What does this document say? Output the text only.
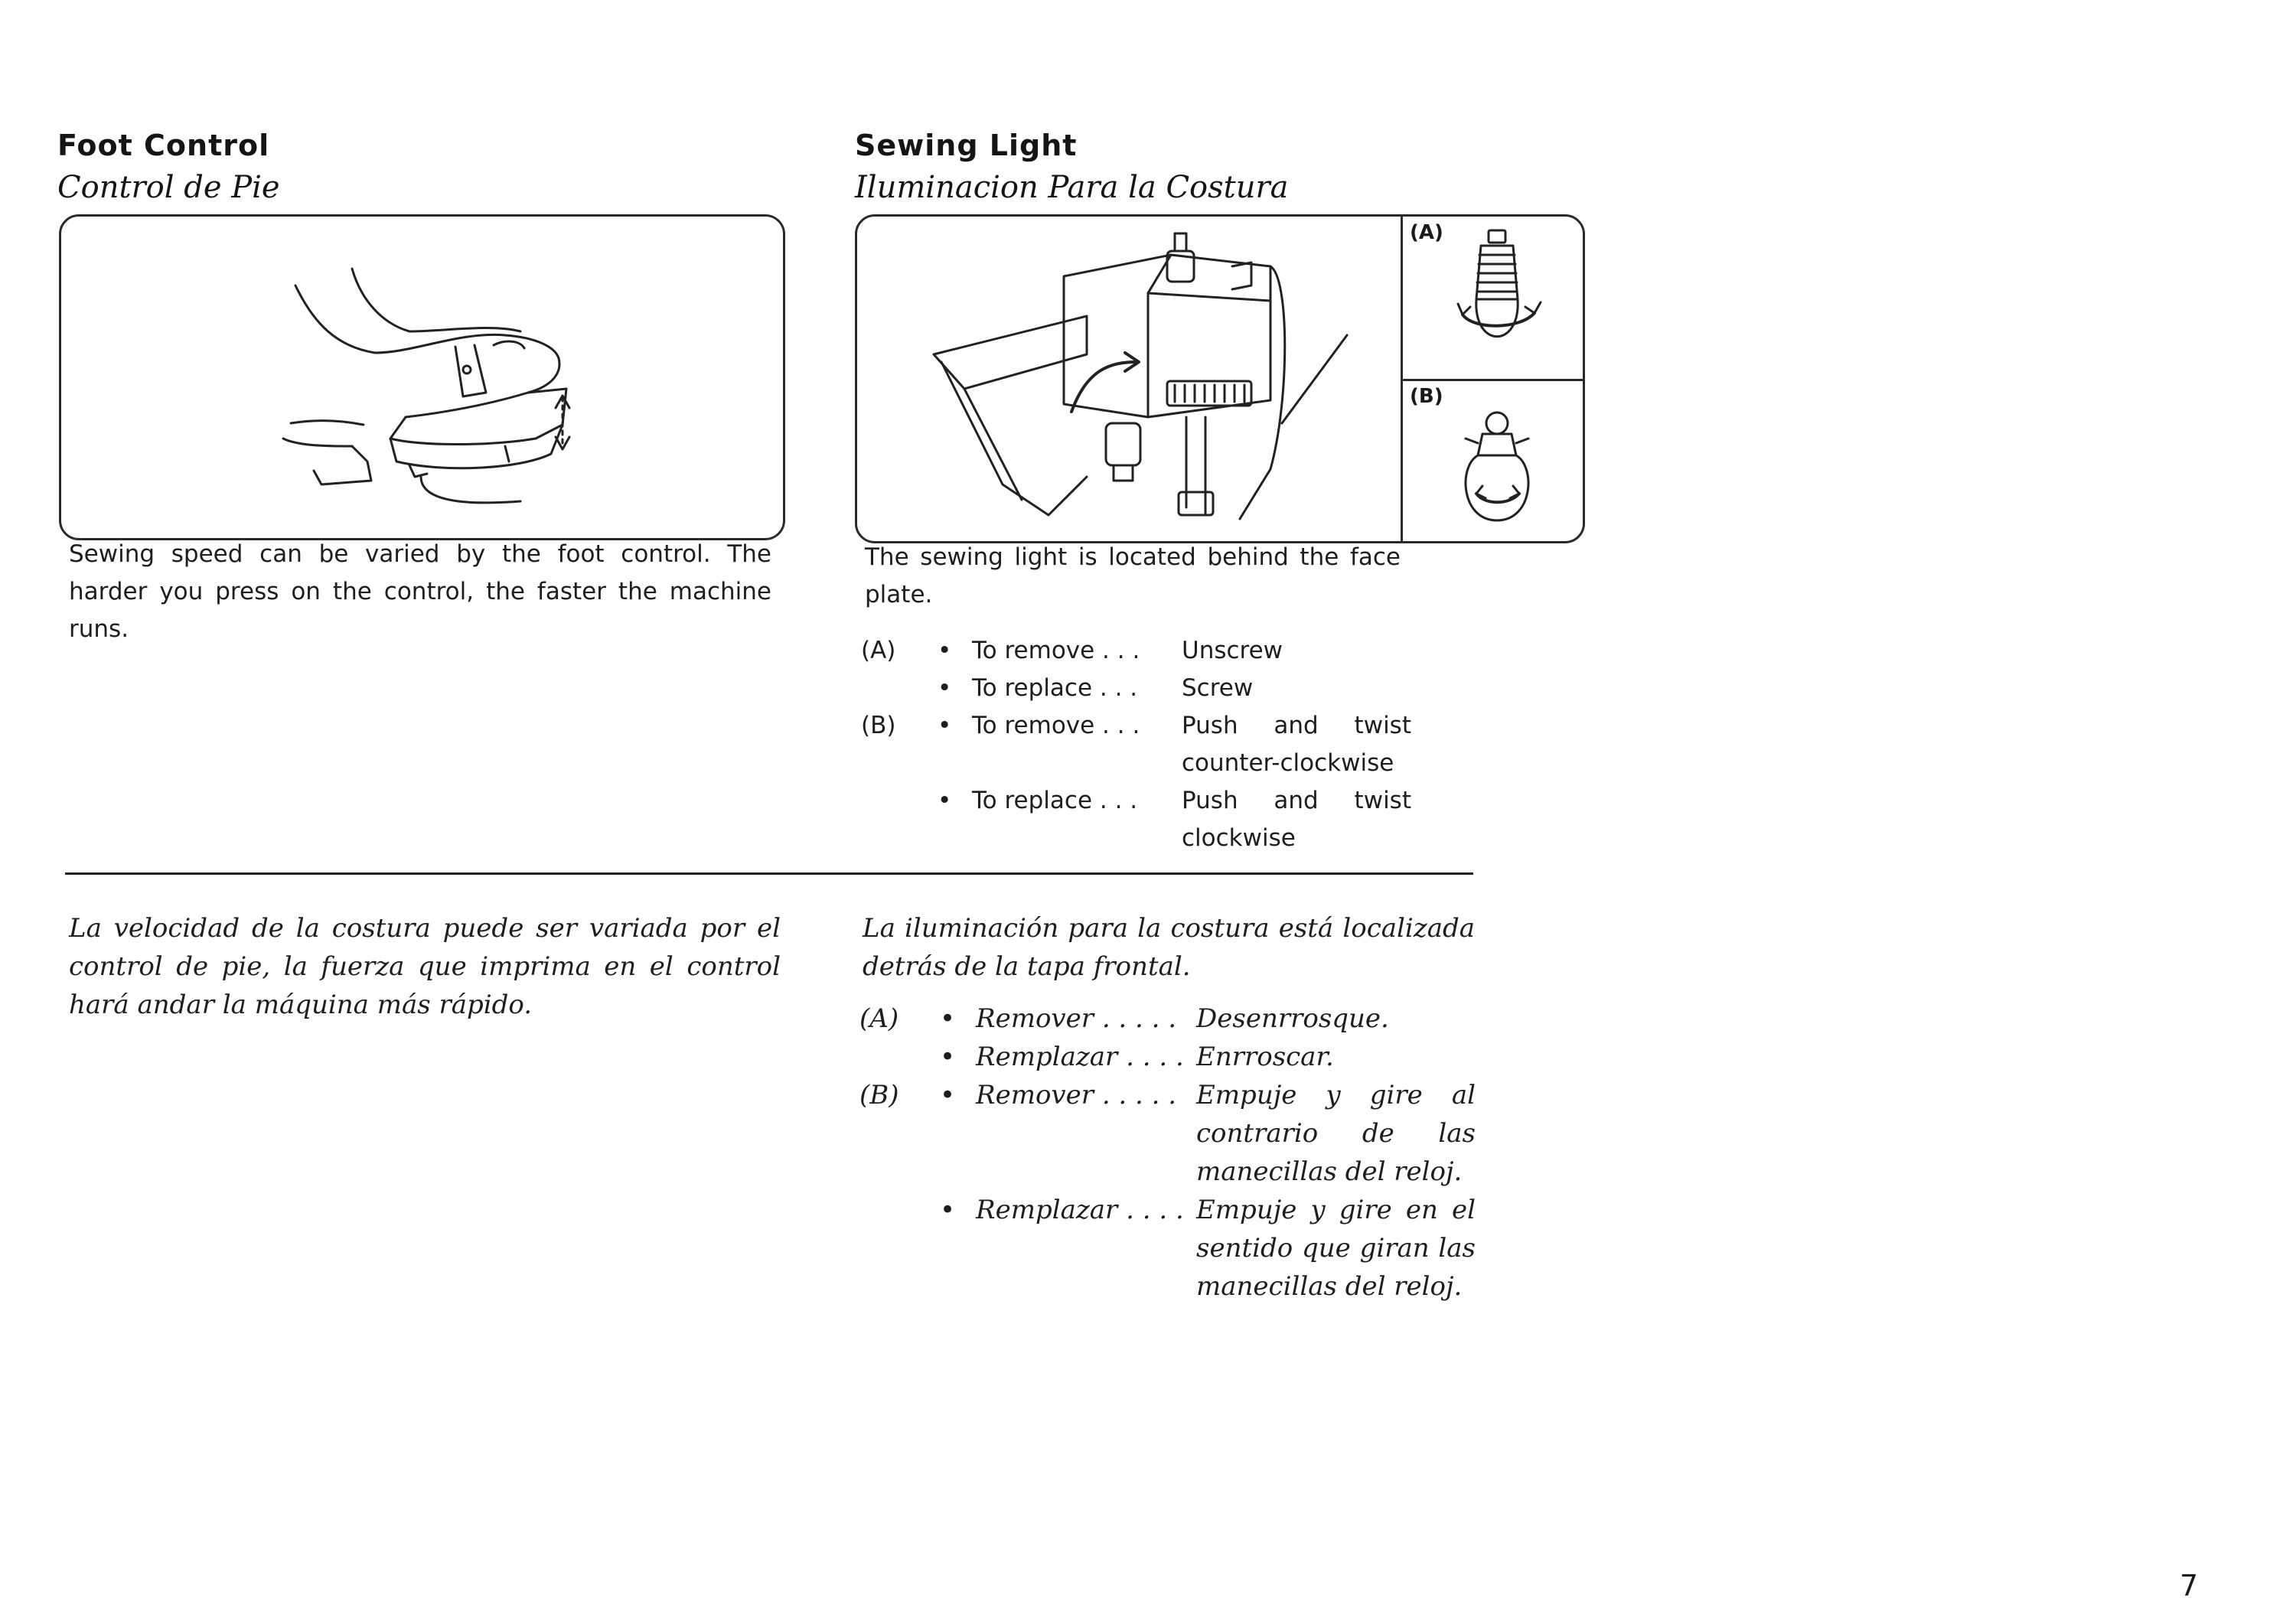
Foot Control
Control de Pie

Sewing speed can be varied by the foot control. The harder you press on the control, the faster the machine runs.

Sewing Light
Iluminacion Para la Costura
(A)
(B)

The sewing light is located behind the face plate.

(A) • To remove . . . Unscrew
• To replace . . . Screw
(B) • To remove . . . Push and twist counter-clockwise
• To replace . . . Push and twist clockwise

La velocidad de la costura puede ser variada por el control de pie, la fuerza que imprima en el control hará andar la máquina más rápido.

La iluminación para la costura está localizada detrás de la tapa frontal.

(A) • Remover . . . . . Desenrrosque.
• Remplazar . . . . Enrroscar.
(B) • Remover . . . . . Empuje y gire al contrario de las manecillas del reloj.
• Remplazar . . . . Empuje y gire en el sentido que giran las manecillas del reloj.
7
